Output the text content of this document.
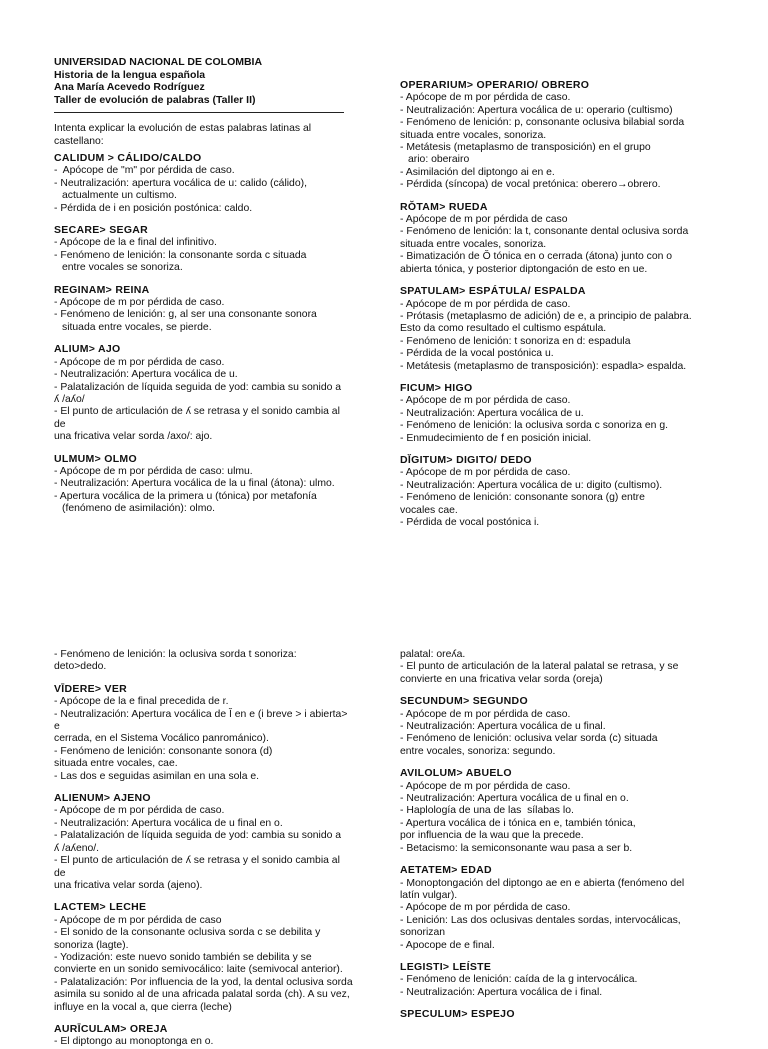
UNIVERSIDAD NACIONAL DE COLOMBIA
Historia de la lengua española
Ana María Acevedo Rodríguez
Taller de evolución de palabras (Taller II)
Intenta explicar la evolución de estas palabras latinas al castellano:
CALIDUM > CÁLIDO/CALDO
-  Apócope de "m" por pérdida de caso.
- Neutralización: apertura vocálica de u: calido (cálido),
actualmente un cultismo.
- Pérdida de i en posición postónica: caldo.
SECARE> SEGAR
- Apócope de la e final del infinitivo.
- Fenómeno de lenición: la consonante sorda c situada
entre vocales se sonoriza.
REGINAM> REINA
- Apócope de m por pérdida de caso.
- Fenómeno de lenición: g, al ser una consonante sonora
situada entre vocales, se pierde.
ALIUM> AJO
- Apócope de m por pérdida de caso.
- Neutralización: Apertura vocálica de u.
- Palatalización de líquida seguida de yod: cambia su sonido a
ʎ /aʎo/
- El punto de articulación de ʎ se retrasa y el sonido cambia al de
una fricativa velar sorda /axo/: ajo.
ULMUM> OLMO
- Apócope de m por pérdida de caso: ulmu.
- Neutralización: Apertura vocálica de la u final (átona): ulmo.
- Apertura vocálica de la primera u (tónica) por metafonía
(fenómeno de asimilación): olmo.
OPERARIUM> OPERARIO/ OBRERO
- Apócope de m por pérdida de caso.
- Neutralización: Apertura vocálica de u: operario (cultismo)
- Fenómeno de lenición: p, consonante oclusiva bilabial sorda
situada entre vocales, sonoriza.
- Metátesis (metaplasmo de transposición) en el grupo
ario: oberairo
- Asimilación del diptongo ai en e.
- Pérdida (síncopa) de vocal pretónica: oberero→obrero.
RŎTAM> RUEDA
- Apócope de m por pérdida de caso
- Fenómeno de lenición: la t, consonante dental oclusiva sorda
situada entre vocales, sonoriza.
- Bimatización de Ŏ tónica en o cerrada (átona) junto con o
abierta tónica, y posterior diptongación de esto en ue.
SPATULAM> ESPÁTULA/ ESPALDA
- Apócope de m por pérdida de caso.
- Prótasis (metaplasmo de adición) de e, a principio de palabra.
Esto da como resultado el cultismo espátula.
- Fenómeno de lenición: t sonoriza en d: espadula
- Pérdida de la vocal postónica u.
- Metátesis (metaplasmo de transposición): espadla> espalda.
FICUM> HIGO
- Apócope de m por pérdida de caso.
- Neutralización: Apertura vocálica de u.
- Fenómeno de lenición: la oclusiva sorda c sonoriza en g.
- Enmudecimiento de f en posición inicial.
DĬGITUM> DIGITO/ DEDO
- Apócope de m por pérdida de caso.
- Neutralización: Apertura vocálica de u: digito (cultismo).
- Fenómeno de lenición: consonante sonora (g) entre
vocales cae.
- Pérdida de vocal postónica i.
- Fenómeno de lenición: la oclusiva sorda t sonoriza:
deto>dedo.
VĪDERE> VER
- Apócope de la e final precedida de r.
- Neutralización: Apertura vocálica de Ĭ en e (i breve > i abierta> e
cerrada, en el Sistema Vocálico panrománico).
- Fenómeno de lenición: consonante sonora (d)
situada entre vocales, cae.
- Las dos e seguidas asimilan en una sola e.
ALIENUM> AJENO
- Apócope de m por pérdida de caso.
- Neutralización: Apertura vocálica de u final en o.
- Palatalización de líquida seguida de yod: cambia su sonido a
ʎ /aʎeno/.
- El punto de articulación de ʎ se retrasa y el sonido cambia al de
una fricativa velar sorda (ajeno).
LACTEM> LECHE
- Apócope de m por pérdida de caso
- El sonido de la consonante oclusiva sorda c se debilita y
sonoriza (lagte).
- Yodización: este nuevo sonido también se debilita y se
convierte en un sonido semivocálico: laite (semivocal anterior).
- Palatalización: Por influencia de la yod, la dental oclusiva sorda
asimila su sonido al de una africada palatal sorda (ch). A su vez,
influye en la vocal a, que cierra (leche)
AURĪCULAM> OREJA
- El diptongo au monoptonga en o.
palatal: oreʎa.
- El punto de articulación de la lateral palatal se retrasa, y se
convierte en una fricativa velar sorda (oreja)
SECUNDUM> SEGUNDO
- Apócope de m por pérdida de caso.
- Neutralización: Apertura vocálica de u final.
- Fenómeno de lenición: oclusiva velar sorda (c) situada
entre vocales, sonoriza: segundo.
AVILOLUM> ABUELO
- Apócope de m por pérdida de caso.
- Neutralización: Apertura vocálica de u final en o.
- Haplología de una de las  sílabas lo.
- Apertura vocálica de i tónica en e, también tónica,
por influencia de la wau que la precede.
- Betacismo: la semiconsonante wau pasa a ser b.
AETATEM> EDAD
- Monoptongación del diptongo ae en e abierta (fenómeno del
latín vulgar).
- Apócope de m por pérdida de caso.
- Lenición: Las dos oclusivas dentales sordas, intervocálicas,
sonorizan
- Apocope de e final.
LEGISTI> LEÍSTE
- Fenómeno de lenición: caída de la g intervocálica.
- Neutralización: Apertura vocálica de i final.
SPECULUM> ESPEJO
